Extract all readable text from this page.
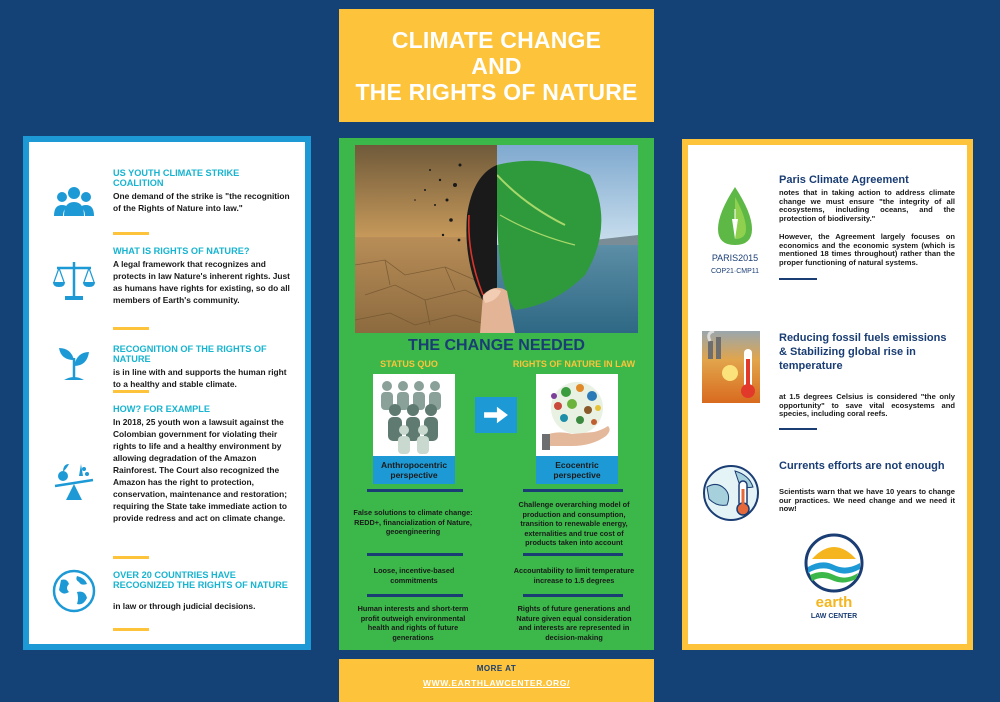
CLIMATE CHANGE
AND
THE RIGHTS OF NATURE
US YOUTH CLIMATE STRIKE COALITION
One demand of the strike is "the recognition of the Rights of Nature into law."
WHAT IS RIGHTS OF NATURE?
A legal framework that recognizes and protects in law Nature's inherent rights. Just as humans have rights for existing, so do all members of Earth's community.
RECOGNITION OF THE RIGHTS OF NATURE
is in line with and supports the human right to a healthy and stable climate.
HOW? FOR EXAMPLE
In 2018, 25 youth won a lawsuit against the Colombian government for violating their rights to life and a healthy environment by allowing degradation of the Amazon Rainforest. The Court also recognized the Amazon has the right to protection, conservation, maintenance and restoration; requiring the State take immediate action to provide redress and act on climate change.
OVER 20 COUNTRIES HAVE RECOGNIZED THE RIGHTS OF NATURE
in law or through judicial decisions.
THE CHANGE NEEDED
STATUS QUO	RIGHTS OF NATURE IN LAW
Anthropocentric perspective
Ecocentric perspective
False solutions to climate change: REDD+, financialization of Nature, geoengineering
Challenge overarching model of production and consumption, transition to renewable energy, externalities and true cost of products taken into account
Loose, incentive-based commitments
Accountability to limit temperature increase to 1.5 degrees
Human interests and short-term profit outweigh environmental health and rights of future generations
Rights of future generations and Nature given equal consideration and interests are represented in decision-making
MORE AT
WWW.EARTHLAWCENTER.ORG/
PARIS2015
COP21·CMP11
Paris Climate Agreement
notes that in taking action to address climate change we must ensure "the integrity of all ecosystems, including oceans, and the protection of biodiversity."
However, the Agreement largely focuses on economics and the economic system (which is mentioned 18 times throughout) rather than the proper functioning of natural systems.
Reducing fossil fuels emissions & Stabilizing global rise in temperature
at 1.5 degrees Celsius is considered "the only opportunity" to save vital ecosystems and species, including coral reefs.
Currents efforts are not enough
Scientists warn that we have 10 years to change our practices. We need change and we need it now!
earth
LAW CENTER
